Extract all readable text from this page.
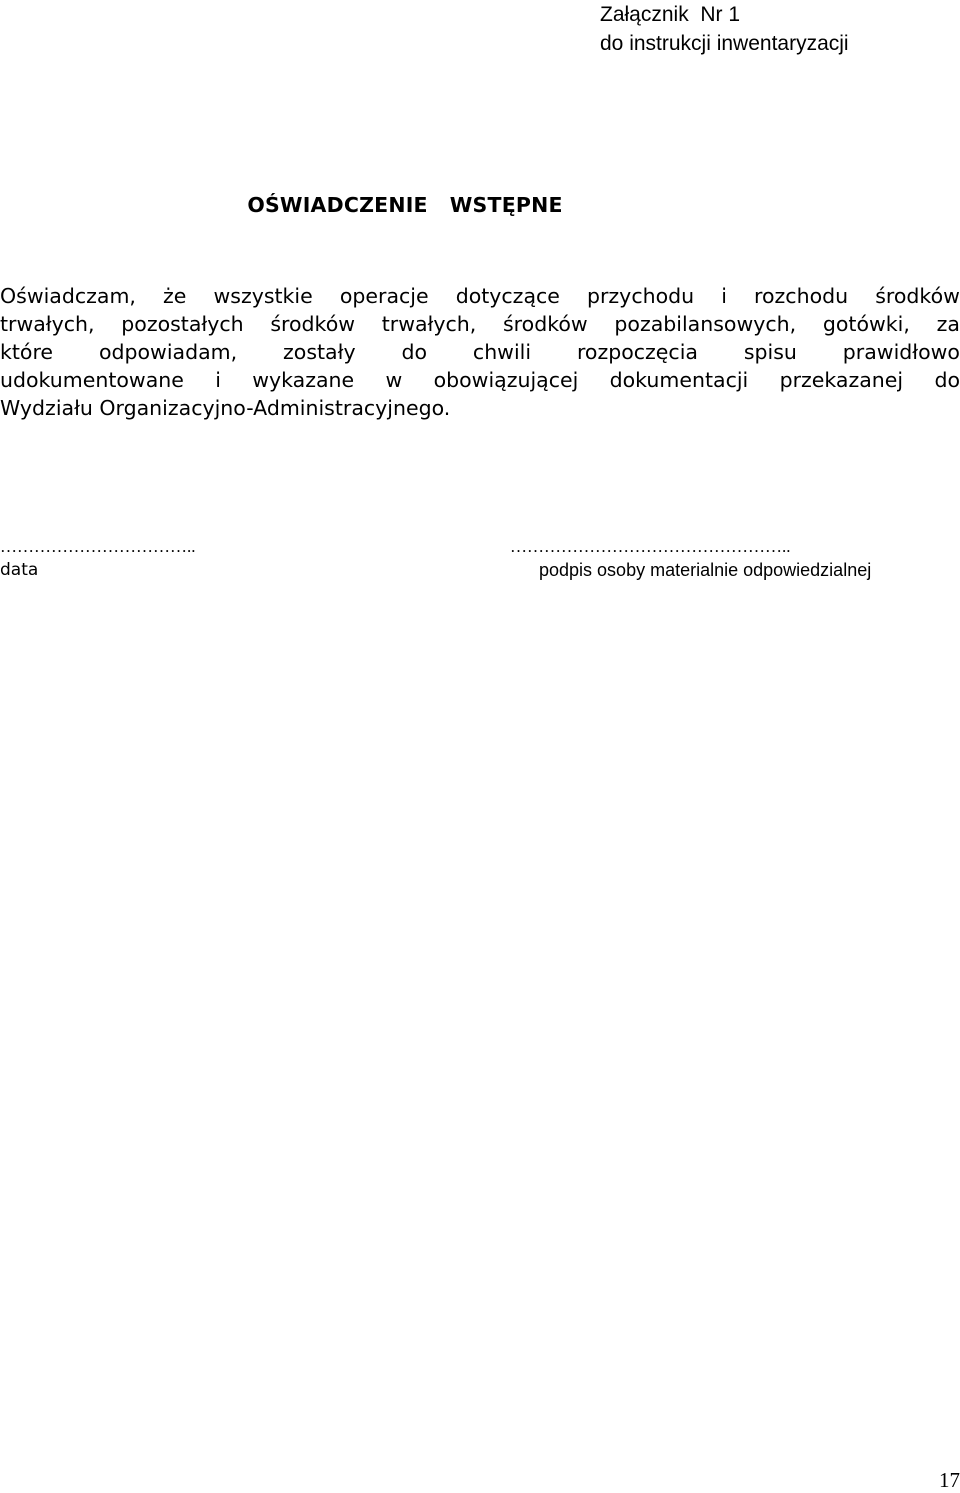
Załącznik  Nr 1
do instrukcji inwentaryzacji
OŚWIADCZENIE   WSTĘPNE
Oświadczam, że wszystkie operacje dotyczące przychodu i rozchodu środków
trwałych, pozostałych środków trwałych, środków pozabilansowych, gotówki, za
które odpowiadam, zostały do chwili rozpoczęcia spisu prawidłowo
udokumentowane i wykazane w obowiązującej dokumentacji przekazanej do
Wydziału Organizacyjno-Administracyjnego.
……………………………..
data
…………………………………………..
podpis osoby materialnie odpowiedzialnej
17
